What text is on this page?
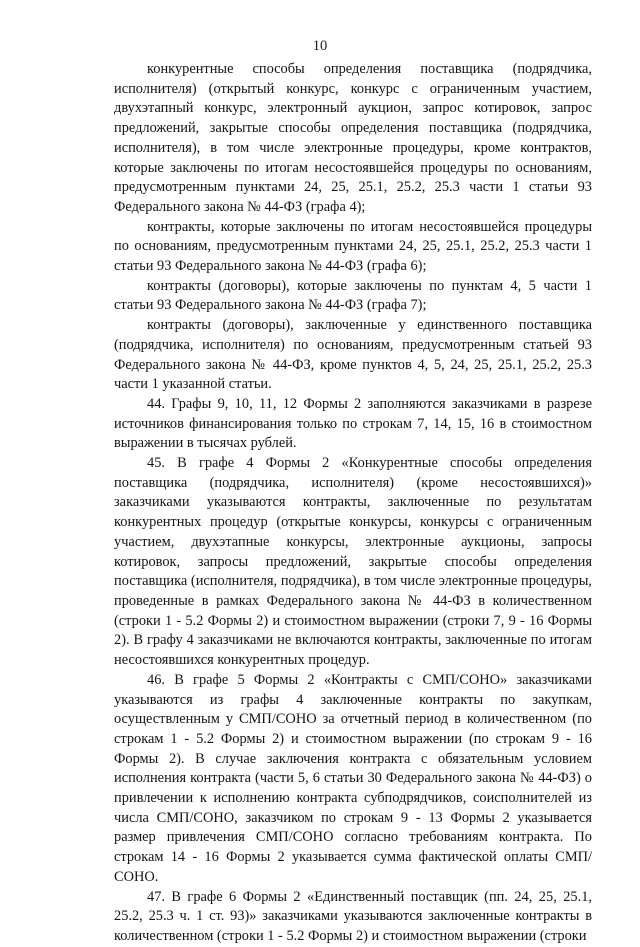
10

конкурентные способы определения поставщика (подрядчика, исполнителя) (открытый конкурс, конкурс с ограниченным участием, двухэтапный конкурс, электронный аукцион, запрос котировок, запрос предложений, закрытые способы определения поставщика (подрядчика, исполнителя), в том числе электронные процедуры, кроме контрактов, которые заключены по итогам несостоявшейся процедуры по основаниям, предусмотренным пунктами 24, 25, 25.1, 25.2, 25.3 части 1 статьи 93 Федерального закона № 44-ФЗ (графа 4);

контракты, которые заключены по итогам несостоявшейся процедуры по основаниям, предусмотренным пунктами 24, 25, 25.1, 25.2, 25.3 части 1 статьи 93 Федерального закона № 44-ФЗ (графа 6);

контракты (договоры), которые заключены по пунктам 4, 5 части 1 статьи 93 Федерального закона № 44-ФЗ (графа 7);

контракты (договоры), заключенные у единственного поставщика (подрядчика, исполнителя) по основаниям, предусмотренным статьей 93 Федерального закона № 44-ФЗ, кроме пунктов 4, 5, 24, 25, 25.1, 25.2, 25.3 части 1 указанной статьи.

44. Графы 9, 10, 11, 12 Формы 2 заполняются заказчиками в разрезе источников финансирования только по строкам 7, 14, 15, 16 в стоимостном выражении в тысячах рублей.

45. В графе 4 Формы 2 «Конкурентные способы определения поставщика (подрядчика, исполнителя) (кроме несостоявшихся)» заказчиками указываются контракты, заключенные по результатам конкурентных процедур (открытые конкурсы, конкурсы с ограниченным участием, двухэтапные конкурсы, электронные аукционы, запросы котировок, запросы предложений, закрытые способы определения поставщика (исполнителя, подрядчика), в том числе электронные процедуры, проведенные в рамках Федерального закона № 44-ФЗ в количественном (строки 1 - 5.2 Формы 2) и стоимостном выражении (строки 7, 9 - 16 Формы 2). В графу 4 заказчиками не включаются контракты, заключенные по итогам несостоявшихся конкурентных процедур.

46. В графе 5 Формы 2 «Контракты с СМП/СОНО» заказчиками указываются из графы 4 заключенные контракты по закупкам, осуществленным у СМП/СОНО за отчетный период в количественном (по строкам 1 - 5.2 Формы 2) и стоимостном выражении (по строкам 9 - 16 Формы 2). В случае заключения контракта с обязательным условием исполнения контракта (части 5, 6 статьи 30 Федерального закона № 44-ФЗ) о привлечении к исполнению контракта субподрядчиков, соисполнителей из числа СМП/СОНО, заказчиком по строкам 9 - 13 Формы 2 указывается размер привлечения СМП/СОНО согласно требованиям контракта. По строкам 14 - 16 Формы 2 указывается сумма фактической оплаты СМП/СОНО.

47. В графе 6 Формы 2 «Единственный поставщик (пп. 24, 25, 25.1, 25.2, 25.3 ч. 1 ст. 93)» заказчиками указываются заключенные контракты в количественном (строки 1 - 5.2 Формы 2) и стоимостном выражении (строки
